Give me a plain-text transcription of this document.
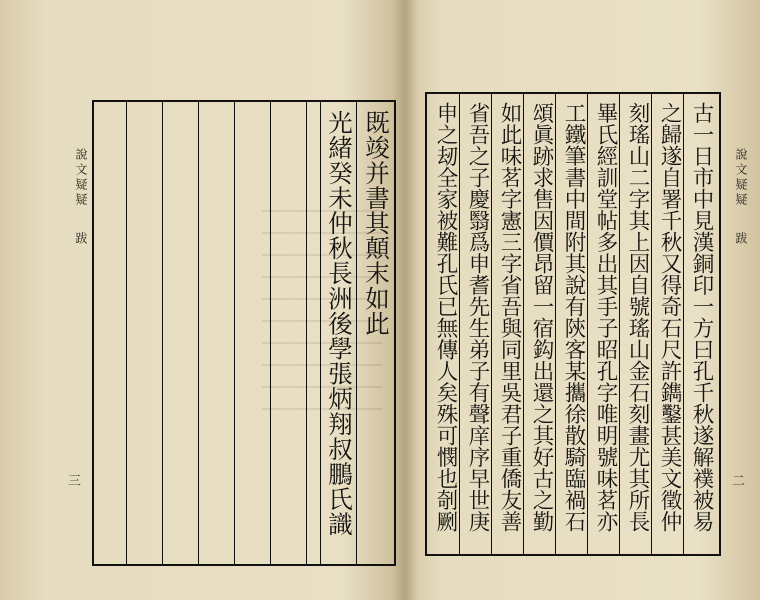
說文疑疑
跋
三
既竣并書其顛末如此
光緒癸未仲秋長洲後學張炳翔叔鵬氏識	說文疑疑
跋
二
古一日市中見漢銅印一方曰孔千秋遂解襆被易
之歸遂自署千秋又得奇石尺許鐫鑿甚美文徵仲
刻瑤山二字其上因自號瑤山金石刻畫尤其所長
畢氏經訓堂帖多出其手子昭孔字唯明號味茗亦
工鐵筆書中間附其說有陝客某攜徐散騎臨禍石
頌眞跡求售因價昂留一宿鈎出還之其好古之勤
如此味茗字憲三字省吾與同里吳君子重僑友善
省吾之子慶翳爲申耆先生弟子有聲庠序早世庚
申之刼全家被難孔氏已無傳人矣殊可憫也剞劂
